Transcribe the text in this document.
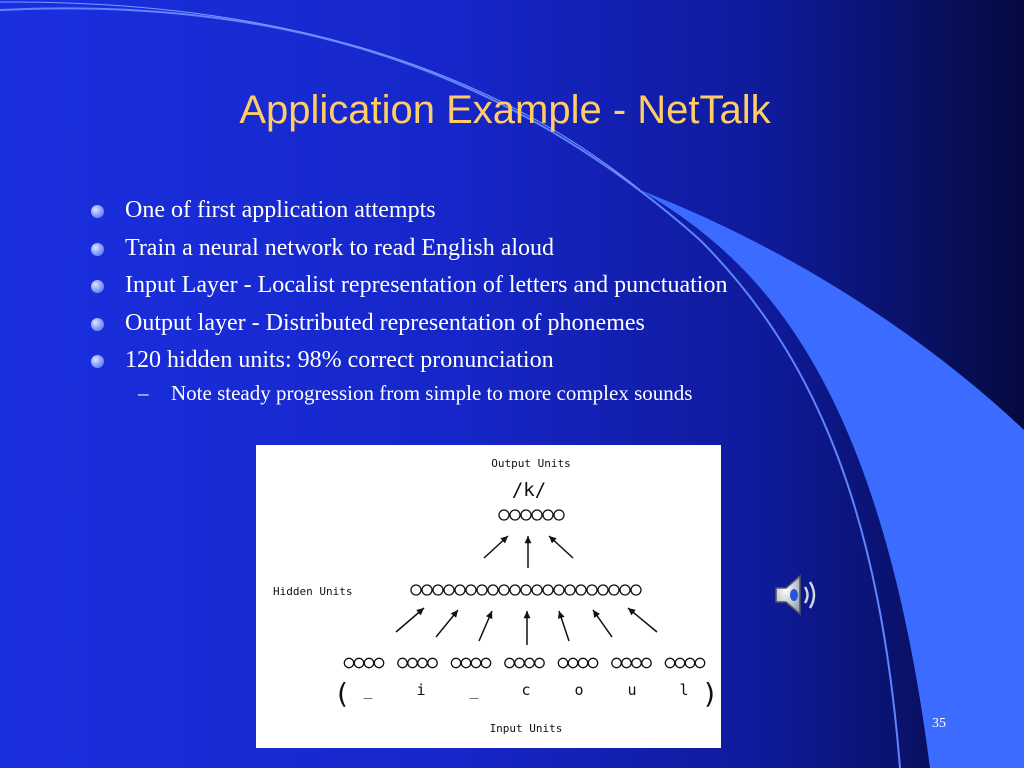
Application Example - NetTalk
One of first application attempts
Train a neural network to read English aloud
Input Layer - Localist representation of letters and punctuation
Output layer - Distributed representation of phonemes
120 hidden units: 98% correct pronunciation
– Note steady progression from simple to more complex sounds
Output Units
/k/
Hidden Units
( _	i	_	c	o	u	l )
Input Units	35
